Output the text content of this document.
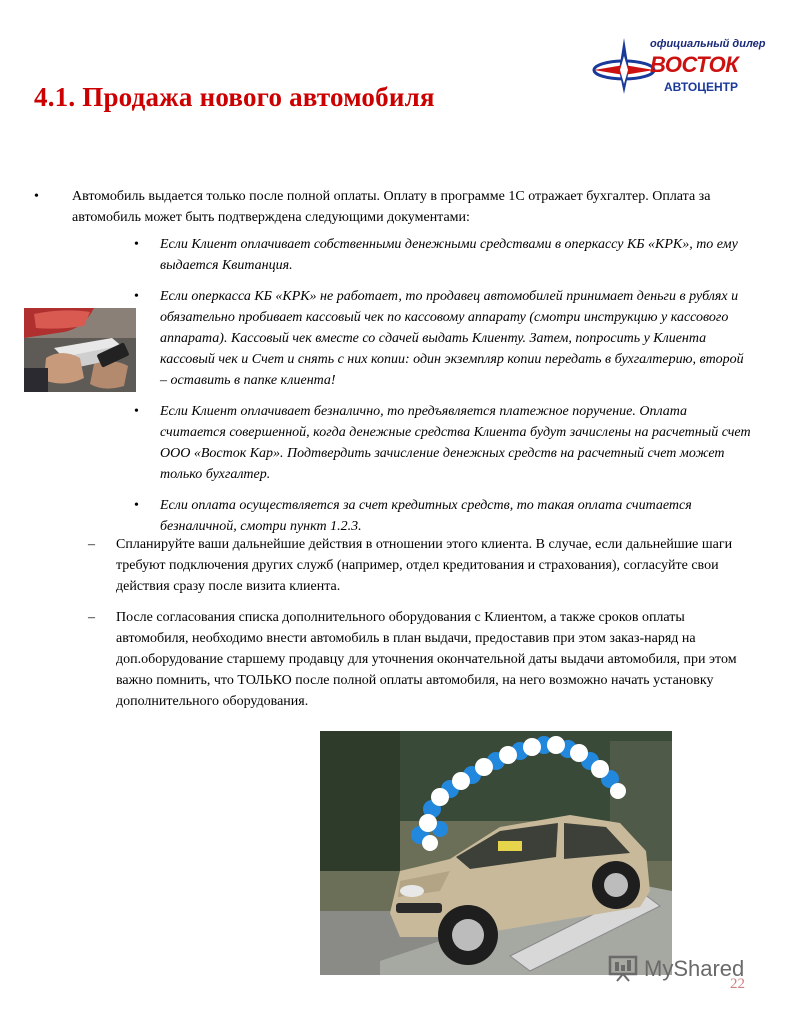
4.1. Продажа нового автомобиля
официальный дилер
ВОСТОК
АВТОЦЕНТР
• Автомобиль выдается только после полной оплаты. Оплату в программе 1С отражает бухгалтер. Оплата за автомобиль может быть подтверждена следующими документами:
• Если Клиент оплачивает собственными денежными средствами в оперкассу КБ «КРК», то ему выдается Квитанция.
• Если оперкасса КБ «КРК» не работает, то продавец автомобилей принимает деньги в рублях и обязательно пробивает кассовый чек по кассовому аппарату (смотри инструкцию у кассового аппарата). Кассовый чек вместе со сдачей выдать Клиенту. Затем, попросить у Клиента кассовый чек и Счет и снять с них копии: один экземпляр копии передать в бухгалтерию, второй – оставить в папке клиента!
• Если Клиент оплачивает безналично, то предъявляется платежное поручение. Оплата считается совершенной, когда денежные средства Клиента будут зачислены на расчетный счет ООО «Восток Кар». Подтвердить зачисление денежных средств на расчетный счет может только бухгалтер.
• Если оплата осуществляется за счет кредитных средств, то такая оплата считается безналичной, смотри пункт 1.2.3.
– Спланируйте ваши дальнейшие действия в отношении этого клиента. В случае, если дальнейшие шаги требуют подключения других служб (например, отдел кредитования и страхования), согласуйте свои действия сразу после визита клиента.
– После согласования списка дополнительного оборудования с Клиентом, а также сроков оплаты автомобиля, необходимо внести автомобиль в план выдачи, предоставив при этом заказ-наряд на доп.оборудование старшему продавцу для уточнения окончательной даты выдачи автомобиля, при этом важно помнить, что ТОЛЬКО после полной оплаты автомобиля, на него возможно начать установку дополнительного оборудования.
MyShared
22
